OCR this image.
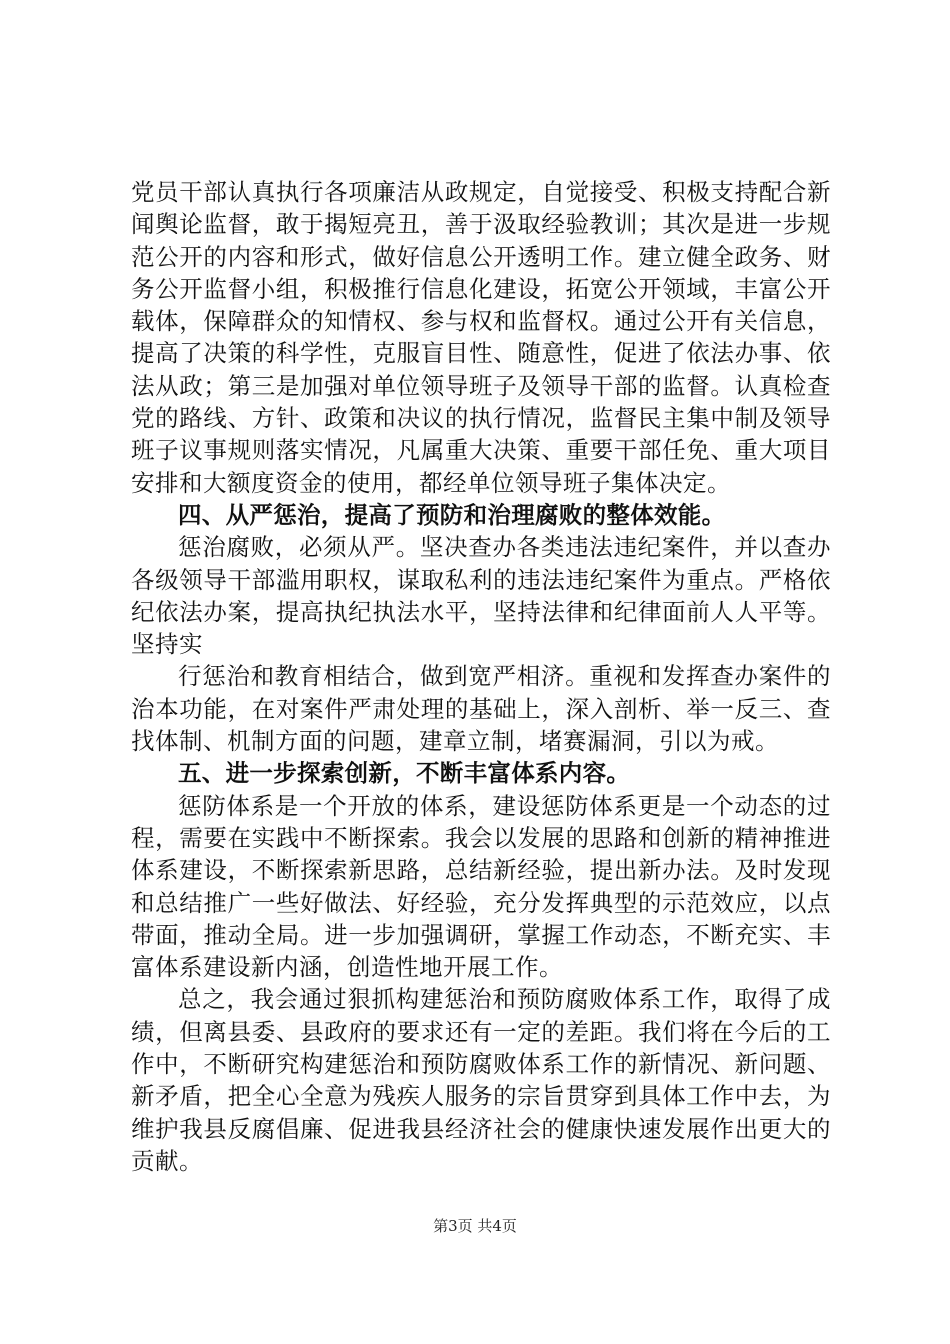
党员干部认真执行各项廉洁从政规定，自觉接受、积极支持配合新闻舆论监督，敢于揭短亮丑，善于汲取经验教训；其次是进一步规范公开的内容和形式，做好信息公开透明工作。建立健全政务、财务公开监督小组，积极推行信息化建设，拓宽公开领域，丰富公开载体，保障群众的知情权、参与权和监督权。通过公开有关信息，提高了决策的科学性，克服盲目性、随意性，促进了依法办事、依法从政；第三是加强对单位领导班子及领导干部的监督。认真检查党的路线、方针、政策和决议的执行情况，监督民主集中制及领导班子议事规则落实情况，凡属重大决策、重要干部任免、重大项目安排和大额度资金的使用，都经单位领导班子集体决定。

四、从严惩治，提高了预防和治理腐败的整体效能。

惩治腐败，必须从严。坚决查办各类违法违纪案件，并以查办各级领导干部滥用职权，谋取私利的违法违纪案件为重点。严格依纪依法办案，提高执纪执法水平，坚持法律和纪律面前人人平等。坚持实

行惩治和教育相结合，做到宽严相济。重视和发挥查办案件的治本功能，在对案件严肃处理的基础上，深入剖析、举一反三、查找体制、机制方面的问题，建章立制，堵赛漏洞，引以为戒。

五、进一步探索创新，不断丰富体系内容。

惩防体系是一个开放的体系，建设惩防体系更是一个动态的过程，需要在实践中不断探索。我会以发展的思路和创新的精神推进体系建设，不断探索新思路，总结新经验，提出新办法。及时发现和总结推广一些好做法、好经验，充分发挥典型的示范效应，以点带面，推动全局。进一步加强调研，掌握工作动态，不断充实、丰富体系建设新内涵，创造性地开展工作。

总之，我会通过狠抓构建惩治和预防腐败体系工作，取得了成绩，但离县委、县政府的要求还有一定的差距。我们将在今后的工作中，不断研究构建惩治和预防腐败体系工作的新情况、新问题、新矛盾，把全心全意为残疾人服务的宗旨贯穿到具体工作中去，为维护我县反腐倡廉、促进我县经济社会的健康快速发展作出更大的贡献。

第3页 共4页
